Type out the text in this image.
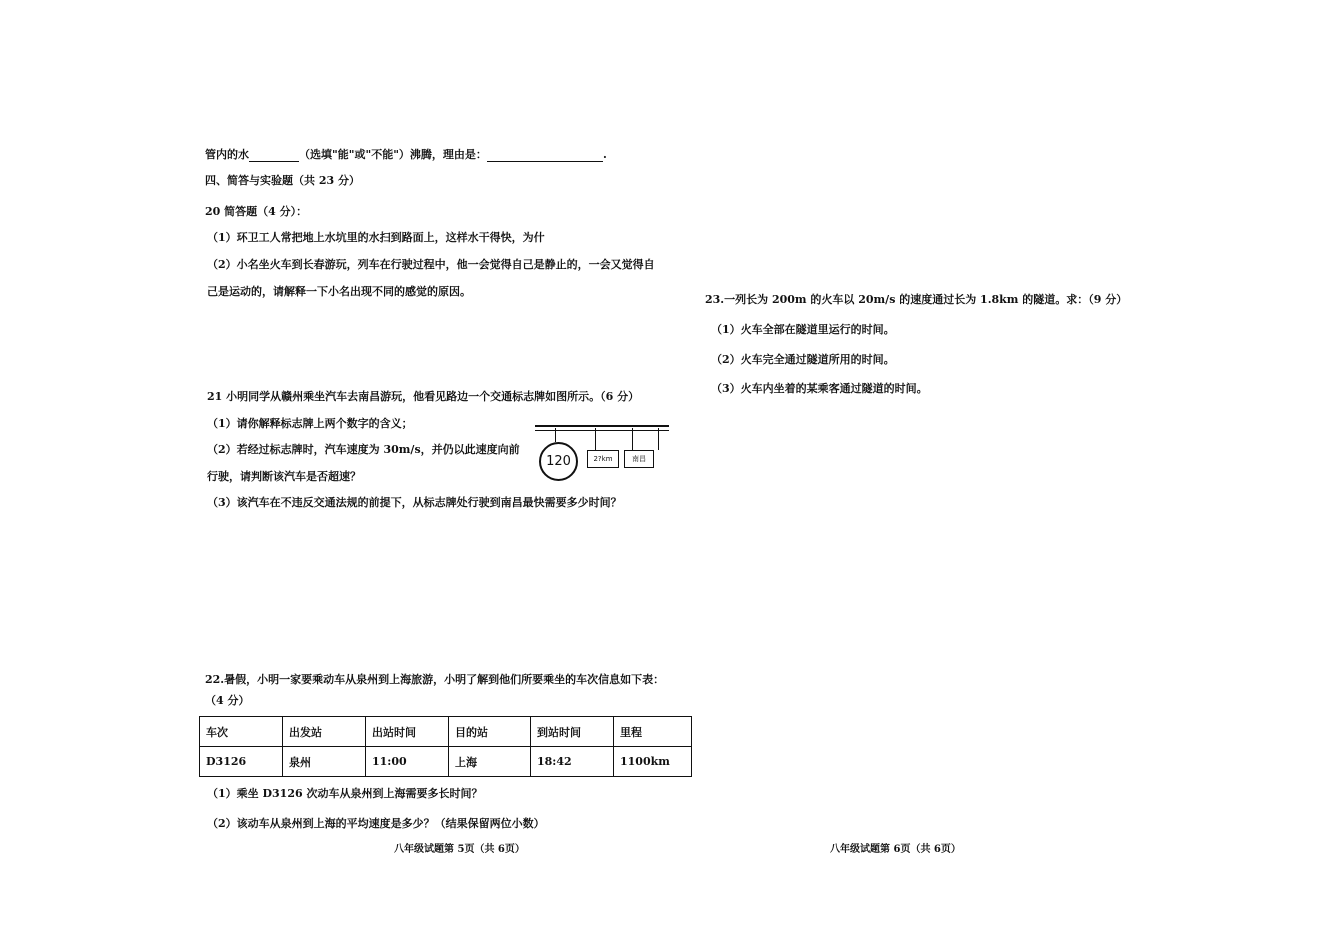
管内的水	（选填"能"或"不能"）沸腾，理由是：	.
四、简答与实验题（共 23 分）
20 简答题（4 分）：
（1）环卫工人常把地上水坑里的水扫到路面上，这样水干得快，为什
（2）小名坐火车到长春游玩，列车在行驶过程中，他一会觉得自己是静止的，一会又觉得自
己是运动的，请解释一下小名出现不同的感觉的原因。
21 小明同学从赣州乘坐汽车去南昌游玩，他看见路边一个交通标志牌如图所示。（6 分）
（1）请你解释标志牌上两个数字的含义；
（2）若经过标志牌时，汽车速度为 30m/s，并仍以此速度向前
行驶，请判断该汽车是否超速？
（3）该汽车在不违反交通法规的前提下，从标志牌处行驶到南昌最快需要多少时间？
120	2?km	南昌
22.暑假，小明一家要乘动车从泉州到上海旅游，小明了解到他们所要乘坐的车次信息如下表：
（4 分）
车次	出发站	出站时间	目的站	到站时间	里程
D3126	泉州	11:00	上海	18:42	1100km
（1）乘坐 D3126 次动车从泉州到上海需要多长时间？
（2）该动车从泉州到上海的平均速度是多少？（结果保留两位小数）
八年级试题第 5页（共 6页）
23.一列长为 200m 的火车以 20m/s 的速度通过长为 1.8km 的隧道。求：（9 分）
（1）火车全部在隧道里运行的时间。
（2）火车完全通过隧道所用的时间。
（3）火车内坐着的某乘客通过隧道的时间。
八年级试题第 6页（共 6页）
